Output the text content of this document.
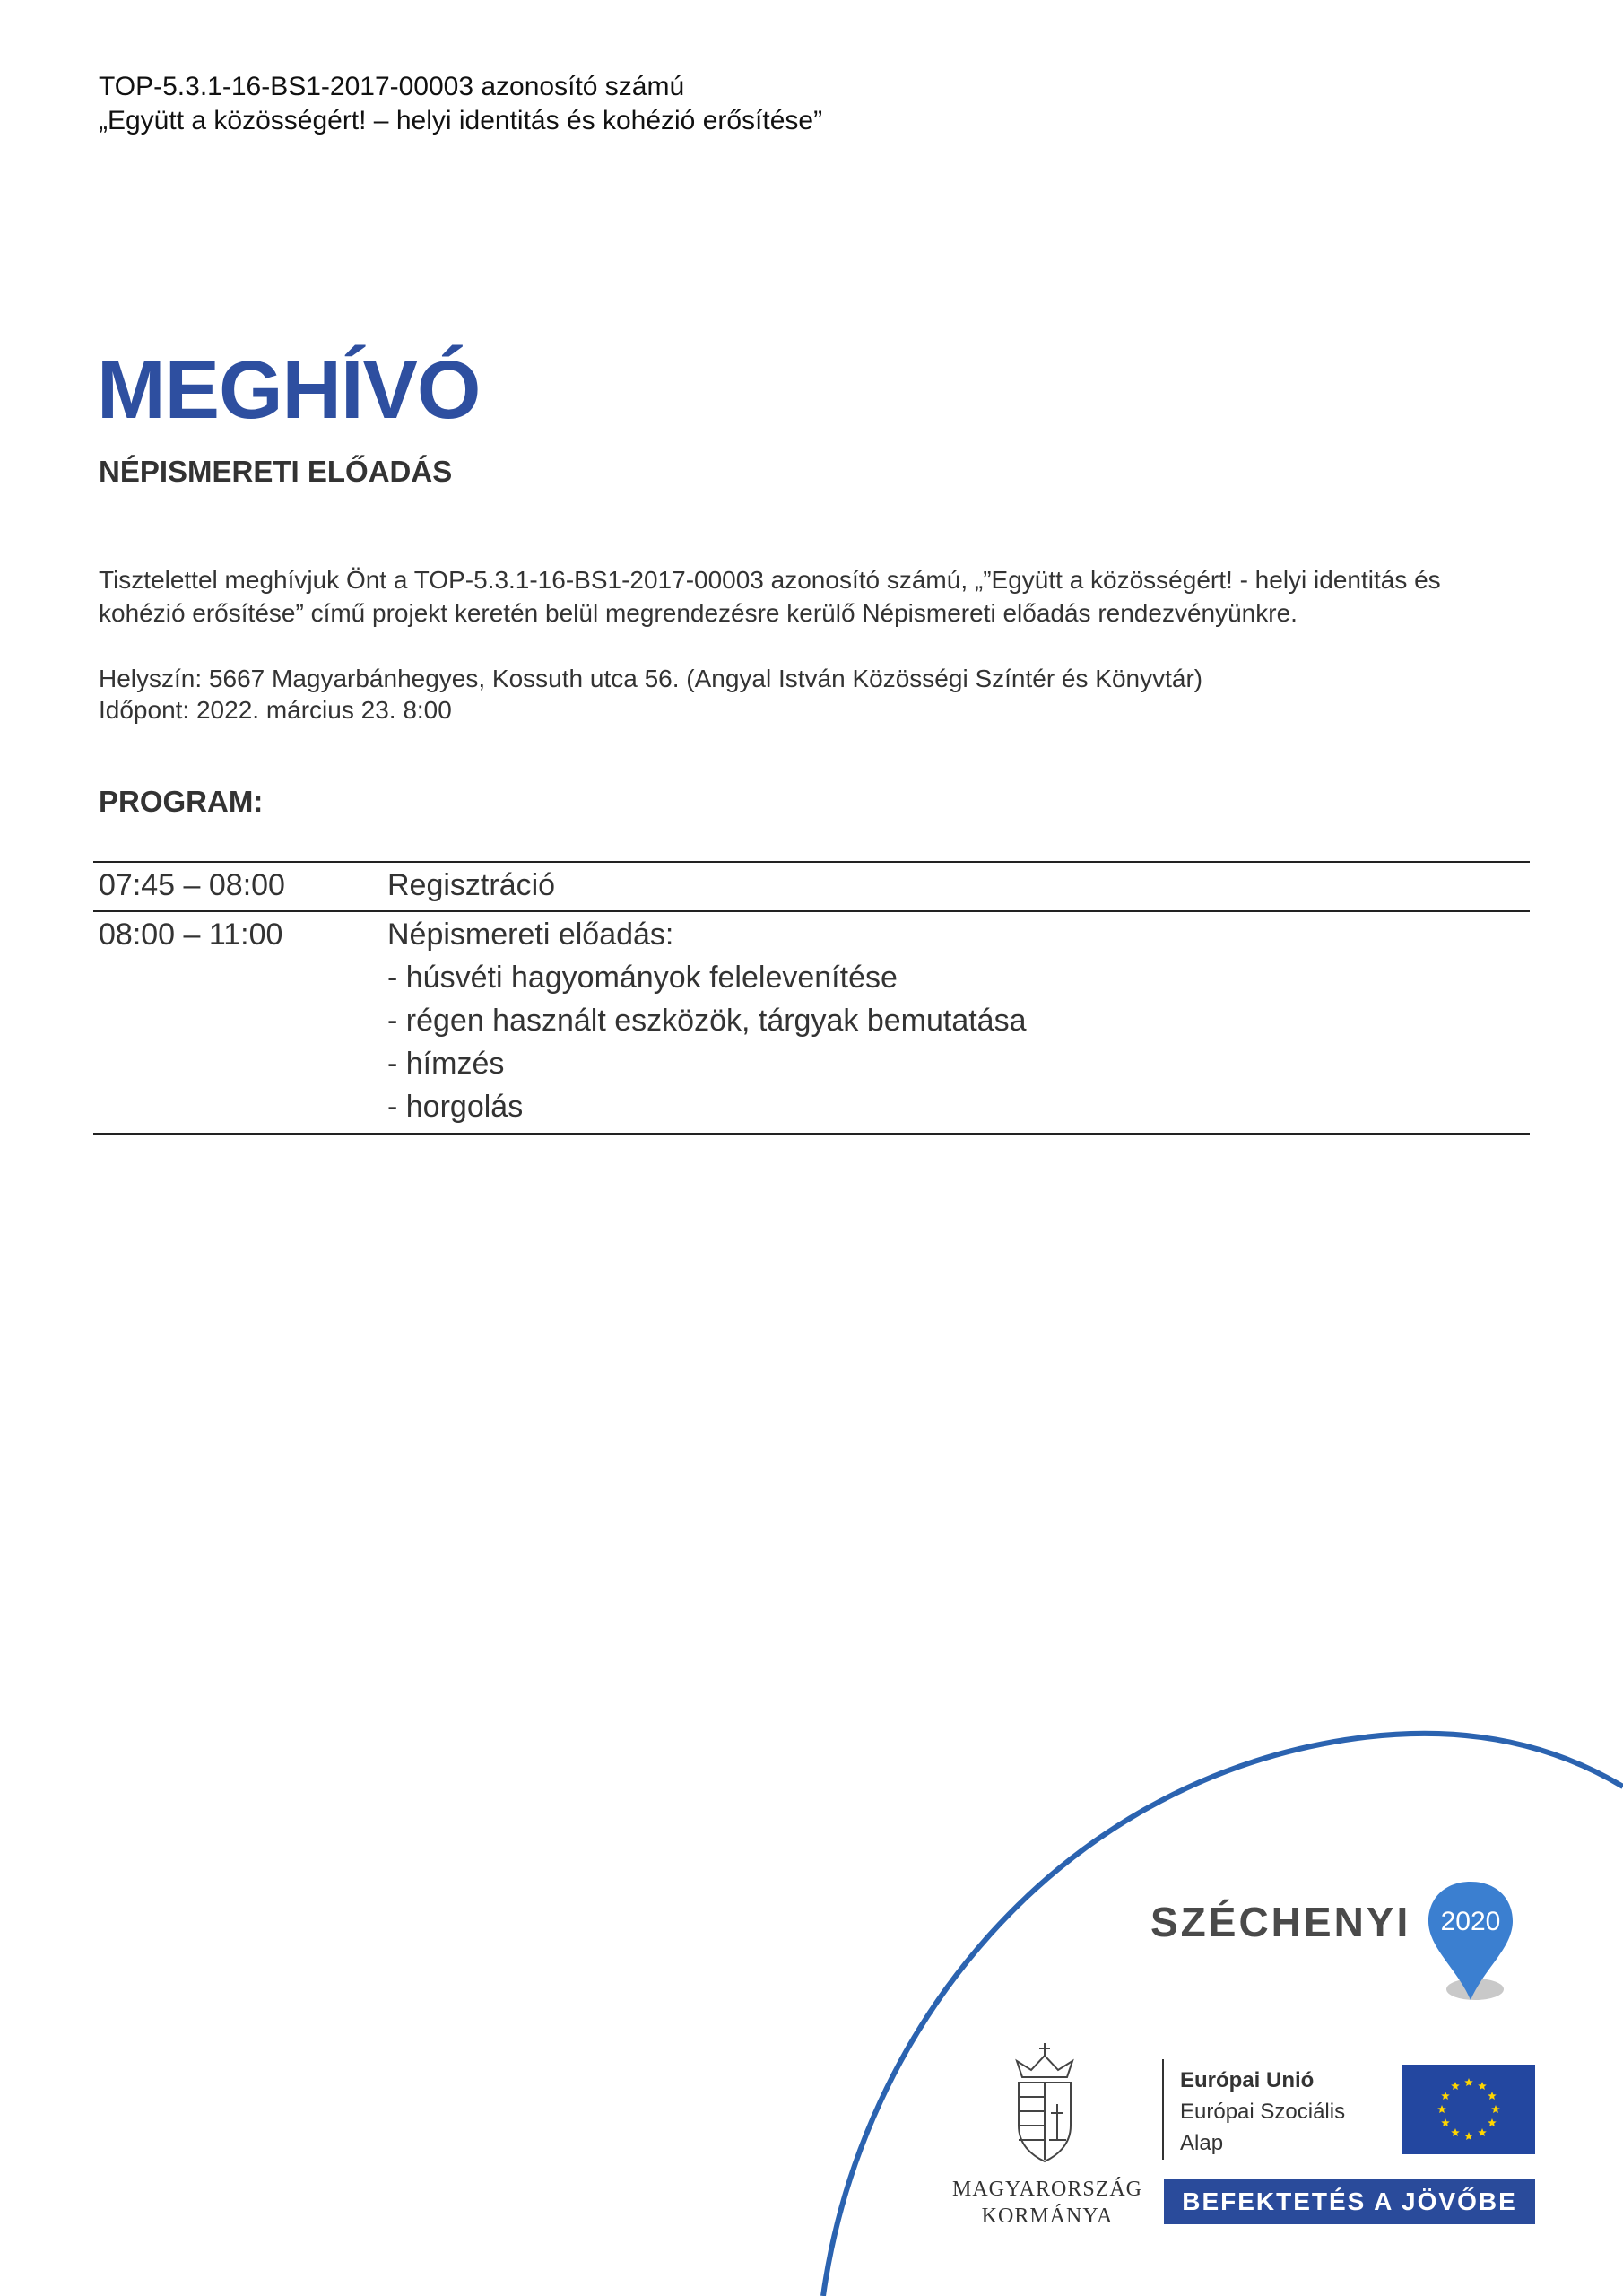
TOP-5.3.1-16-BS1-2017-00003 azonosító számú
„Együtt a közösségért! – helyi identitás és kohézió erősítése”
MEGHÍVÓ
NÉPISMERETI ELŐADÁS
Tisztelettel meghívjuk Önt a TOP-5.3.1-16-BS1-2017-00003 azonosító számú, „”Együtt a közösségért! - helyi identitás és kohézió erősítése” című projekt keretén belül megrendezésre kerülő Népismereti előadás rendezvényünkre.
Helyszín: 5667 Magyarbánhegyes, Kossuth utca 56. (Angyal István Közösségi Színtér és Könyvtár)
Időpont: 2022. március 23. 8:00
PROGRAM:
07:45 – 08:00	Regisztráció
08:00 – 11:00	Népismereti előadás:
- húsvéti hagyományok felelevenítése
- régen használt eszközök, tárgyak bemutatása
- hímzés
- horgolás
SZÉCHENYI 2020
MAGYARORSZÁG
KORMÁNYA
Európai Unió
Európai Szociális
Alap
BEFEKTETÉS A JÖVŐBE
